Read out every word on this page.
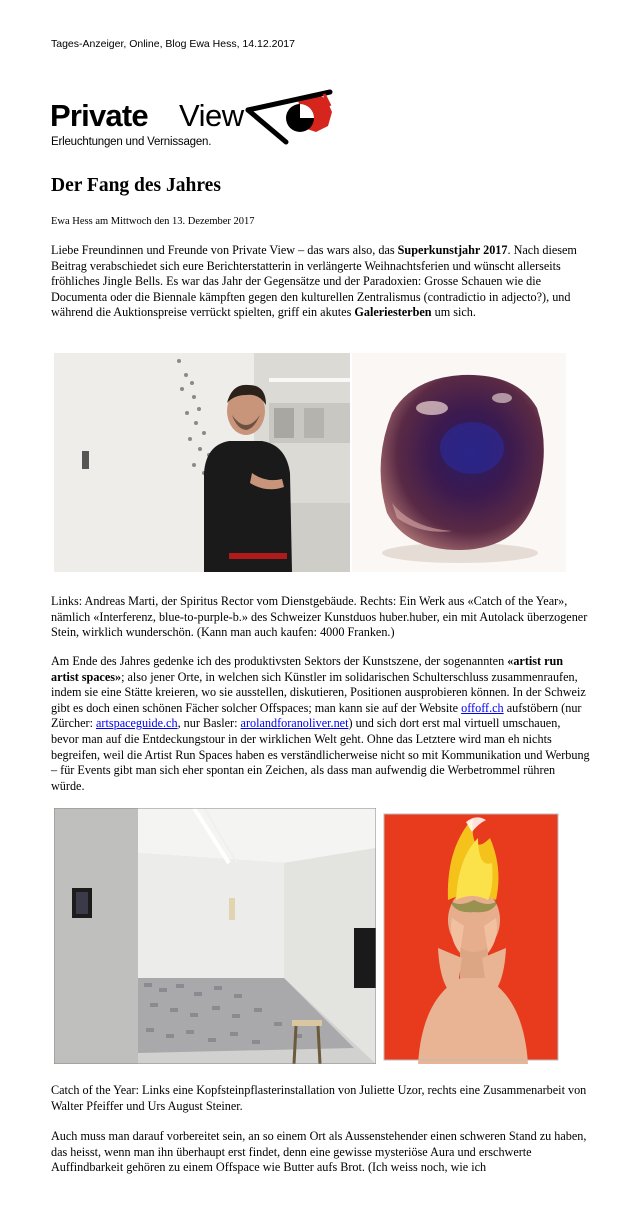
Tages-Anzeiger, Online, Blog Ewa Hess, 14.12.2017
Private View
Erleuchtungen und Vernissagen.
Der Fang des Jahres
Ewa Hess am Mittwoch den 13. Dezember 2017

Liebe Freundinnen und Freunde von Private View – das wars also, das Superkunstjahr 2017. Nach diesem Beitrag verabschiedet sich eure Berichterstatterin in verlängerte Weihnachtsferien und wünscht allerseits fröhliches Jingle Bells. Es war das Jahr der Gegensätze und der Paradoxien: Grosse Schauen wie die Documenta oder die Biennale kämpften gegen den kulturellen Zentralismus (contradictio in adjecto?), und während die Auktionspreise verrückt spielten, griff ein akutes Galeriesterben um sich.

Links: Andreas Marti, der Spiritus Rector vom Dienstgebäude. Rechts: Ein Werk aus «Catch of the Year», nämlich «Interferenz, blue-to-purple-b.» des Schweizer Kunstduos huber.huber, ein mit Autolack überzogener Stein, wirklich wunderschön. (Kann man auch kaufen: 4000 Franken.)

Am Ende des Jahres gedenke ich des produktivsten Sektors der Kunstszene, der sogenannten «artist run artist spaces»; also jener Orte, in welchen sich Künstler im solidarischen Schulterschluss zusammenraufen, indem sie eine Stätte kreieren, wo sie ausstellen, diskutieren, Positionen ausprobieren können. In der Schweiz gibt es doch einen schönen Fächer solcher Offspaces; man kann sie auf der Website offoff.ch aufstöbern (nur Zürcher: artspaceguide.ch, nur Basler: arolandforanoliver.net) und sich dort erst mal virtuell umschauen, bevor man auf die Entdeckungstour in der wirklichen Welt geht. Ohne das Letztere wird man eh nichts begreifen, weil die Artist Run Spaces haben es verständlicherweise nicht so mit Kommunikation und Werbung – für Events gibt man sich eher spontan ein Zeichen, als dass man aufwendig die Werbetrommel rühren würde.

Catch of the Year: Links eine Kopfsteinpflasterinstallation von Juliette Uzor, rechts eine Zusammenarbeit von Walter Pfeiffer und Urs August Steiner.

Auch muss man darauf vorbereitet sein, an so einem Ort als Aussenstehender einen schweren Stand zu haben, das heisst, wenn man ihn überhaupt erst findet, denn eine gewisse mysteriöse Aura und erschwerte Auffindbarkeit gehören zu einem Offspace wie Butter aufs Brot. (Ich weiss noch, wie ich
